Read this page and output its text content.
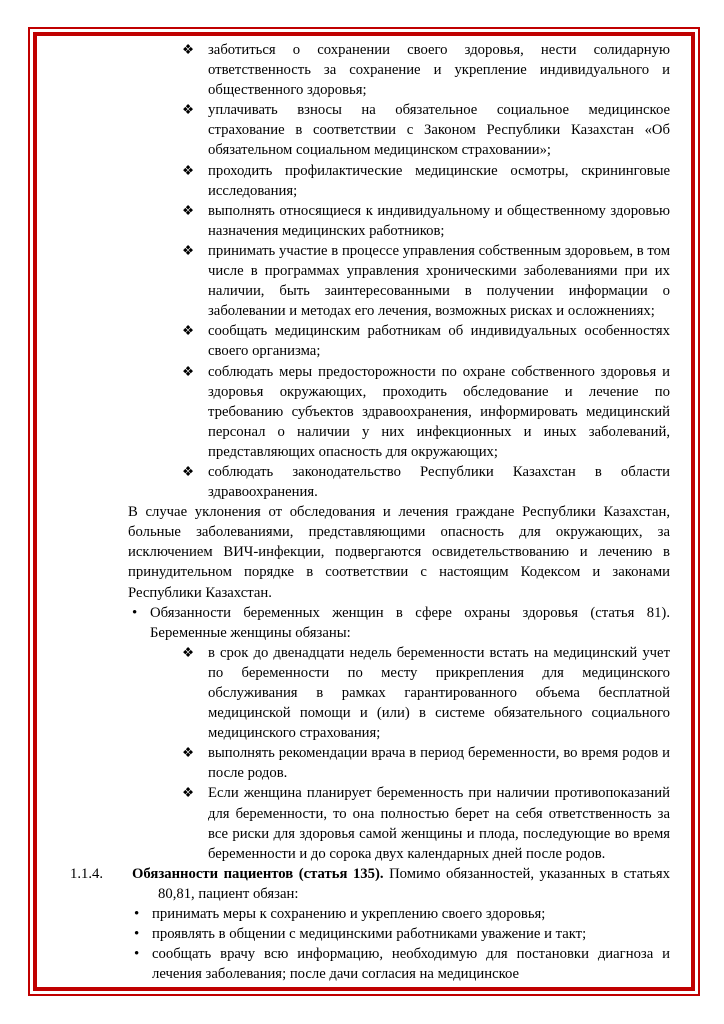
❖ заботиться о сохранении своего здоровья, нести солидарную ответственность за сохранение и укрепление индивидуального и общественного здоровья;
❖ уплачивать взносы на обязательное социальное медицинское страхование в соответствии с Законом Республики Казахстан «Об обязательном социальном медицинском страховании»;
❖ проходить профилактические медицинские осмотры, скрининговые исследования;
❖ выполнять относящиеся к индивидуальному и общественному здоровью назначения медицинских работников;
❖ принимать участие в процессе управления собственным здоровьем, в том числе в программах управления хроническими заболеваниями при их наличии, быть заинтересованными в получении информации о заболевании и методах его лечения, возможных рисках и осложнениях;
❖ сообщать медицинским работникам об индивидуальных особенностях своего организма;
❖ соблюдать меры предосторожности по охране собственного здоровья и здоровья окружающих, проходить обследование и лечение по требованию субъектов здравоохранения, информировать медицинский персонал о наличии у них инфекционных и иных заболеваний, представляющих опасность для окружающих;
❖ соблюдать законодательство Республики Казахстан в области здравоохранения.

В случае уклонения от обследования и лечения граждане Республики Казахстан, больные заболеваниями, представляющими опасность для окружающих, за исключением ВИЧ-инфекции, подвергаются освидетельствованию и лечению в принудительном порядке в соответствии с настоящим Кодексом и законами Республики Казахстан.

• Обязанности беременных женщин в сфере охраны здоровья (статья 81). Беременные женщины обязаны:
❖ в срок до двенадцати недель беременности встать на медицинский учет по беременности по месту прикрепления для медицинского обслуживания в рамках гарантированного объема бесплатной медицинской помощи и (или) в системе обязательного социального медицинского страхования;
❖ выполнять рекомендации врача в период беременности, во время родов и после родов.
❖ Если женщина планирует беременность при наличии противопоказаний для беременности, то она полностью берет на себя ответственность за все риски для здоровья самой женщины и плода, последующие во время беременности и до сорока двух календарных дней после родов.

1.1.4. Обязанности пациентов (статья 135). Помимо обязанностей, указанных в статьях 80,81, пациент обязан:

• принимать меры к сохранению и укреплению своего здоровья;
• проявлять в общении с медицинскими работниками уважение и такт;
• сообщать врачу всю информацию, необходимую для постановки диагноза и лечения заболевания; после дачи согласия на медицинское
